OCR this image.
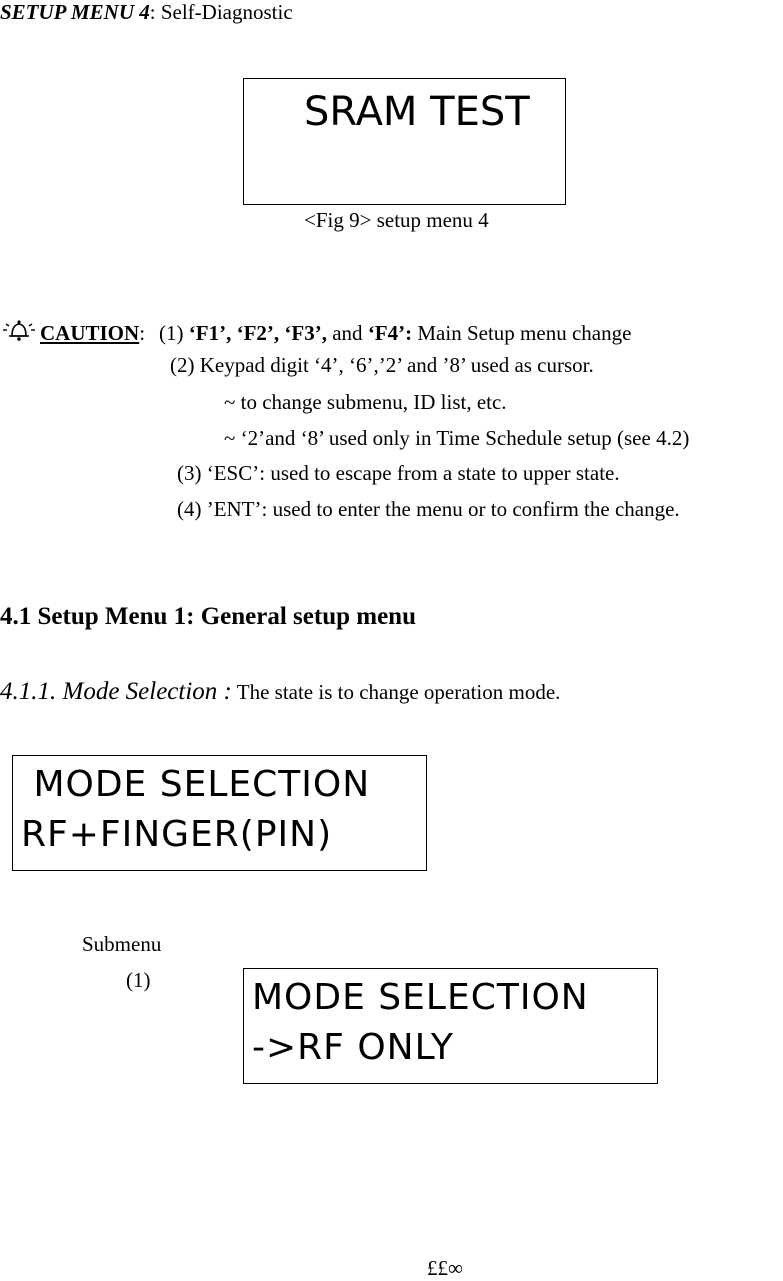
SETUP MENU 4: Self-Diagnostic
SRAM TEST
<Fig 9> setup menu 4
CAUTION: (1) ‘F1’, ‘F2’, ‘F3’, and ‘F4’: Main Setup menu change
(2) Keypad digit ‘4’, ‘6’,’2’ and ’8’ used as cursor.
~ to change submenu, ID list, etc.
~ ‘2’and ‘8’ used only in Time Schedule setup (see 4.2)
(3) ‘ESC’: used to escape from a state to upper state.
(4) ’ENT’: used to enter the menu or to confirm the change.
4.1 Setup Menu 1: General setup menu
4.1.1. Mode Selection : The state is to change operation mode.
MODE SELECTION
RF+FINGER(PIN)
Submenu
(1)	MODE SELECTION
->RF ONLY
££∞
